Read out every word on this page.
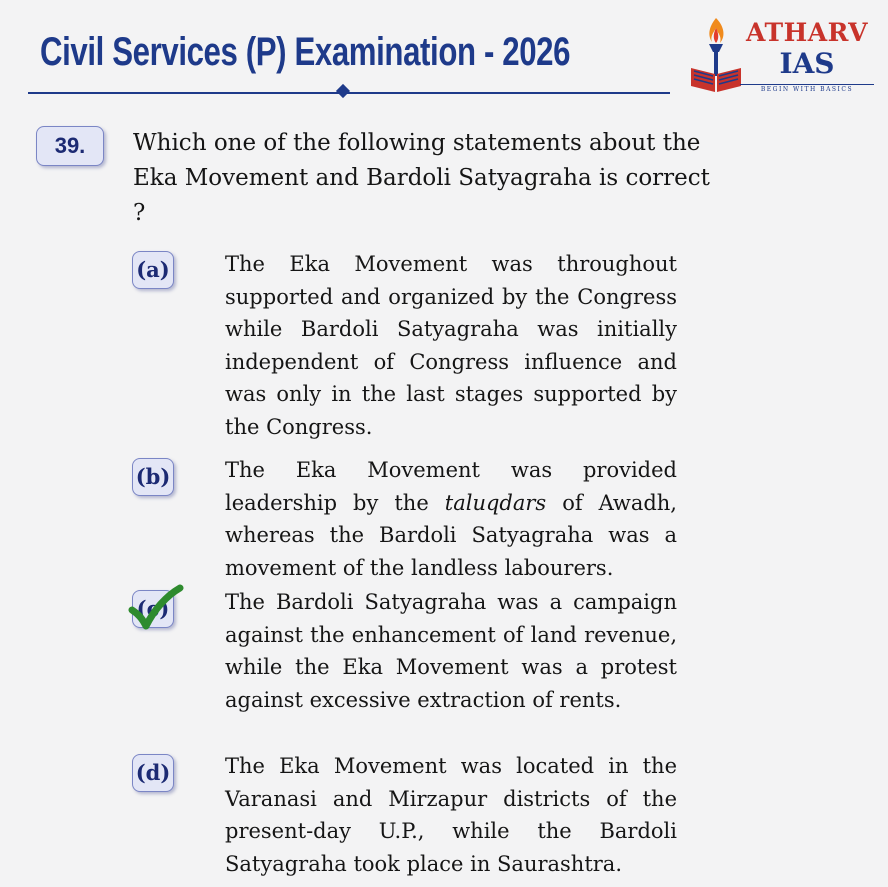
Civil Services (P) Examination - 2026	ATHARV
IAS
BEGIN WITH BASICS
39.	Which one of the following statements about the Eka Movement and Bardoli Satyagraha is correct ?
(a)	The Eka Movement was throughout supported and organized by the Congress while Bardoli Satyagraha was initially independent of Congress influence and was only in the last stages supported by the Congress.
(b)	The Eka Movement was provided leadership by the taluqdars of Awadh, whereas the Bardoli Satyagraha was a movement of the landless labourers.
(c)	The Bardoli Satyagraha was a campaign against the enhancement of land revenue, while the Eka Movement was a protest against excessive extraction of rents.
(d)	The Eka Movement was located in the Varanasi and Mirzapur districts of the present-day U.P., while the Bardoli Satyagraha took place in Saurashtra.
